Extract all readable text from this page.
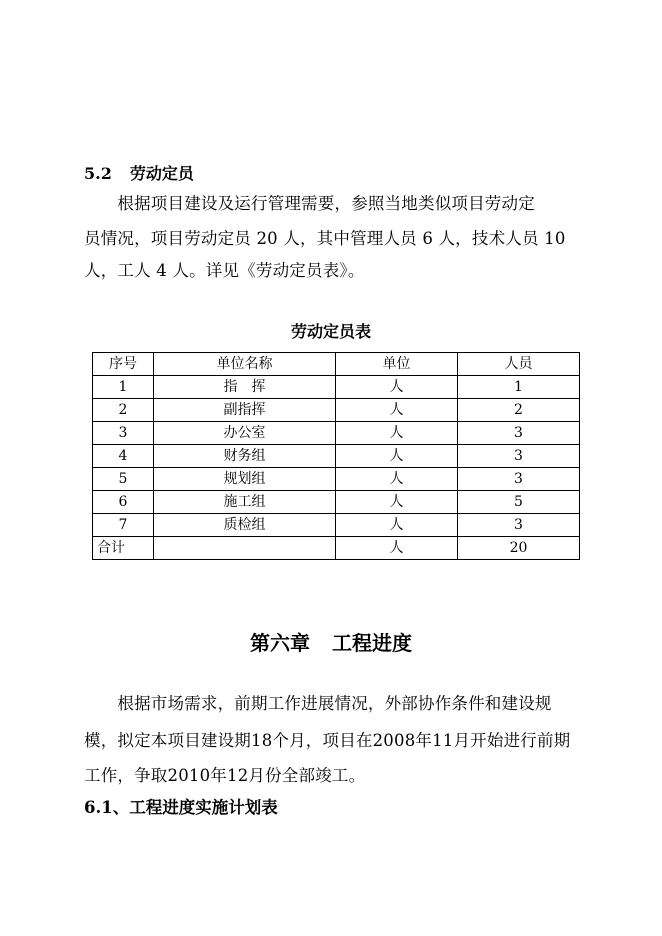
5.2 劳动定员
　　根据项目建设及运行管理需要，参照当地类似项目劳动定
员情况，项目劳动定员 20 人，其中管理人员 6 人，技术人员 10
人，工人 4 人。详见《劳动定员表》。
劳动定员表
序号	单位名称	单位	人员
1	指　挥	人	1
2	副指挥	人	2
3	办公室	人	3
4	财务组	人	3
5	规划组	人	3
6	施工组	人	5
7	质检组	人	3
合计		人	20
第六章 工程进度
　　根据市场需求，前期工作进展情况，外部协作条件和建设规
模，拟定本项目建设期18个月，项目在2008年11月开始进行前期
工作，争取2010年12月份全部竣工。
6.1、工程进度实施计划表
